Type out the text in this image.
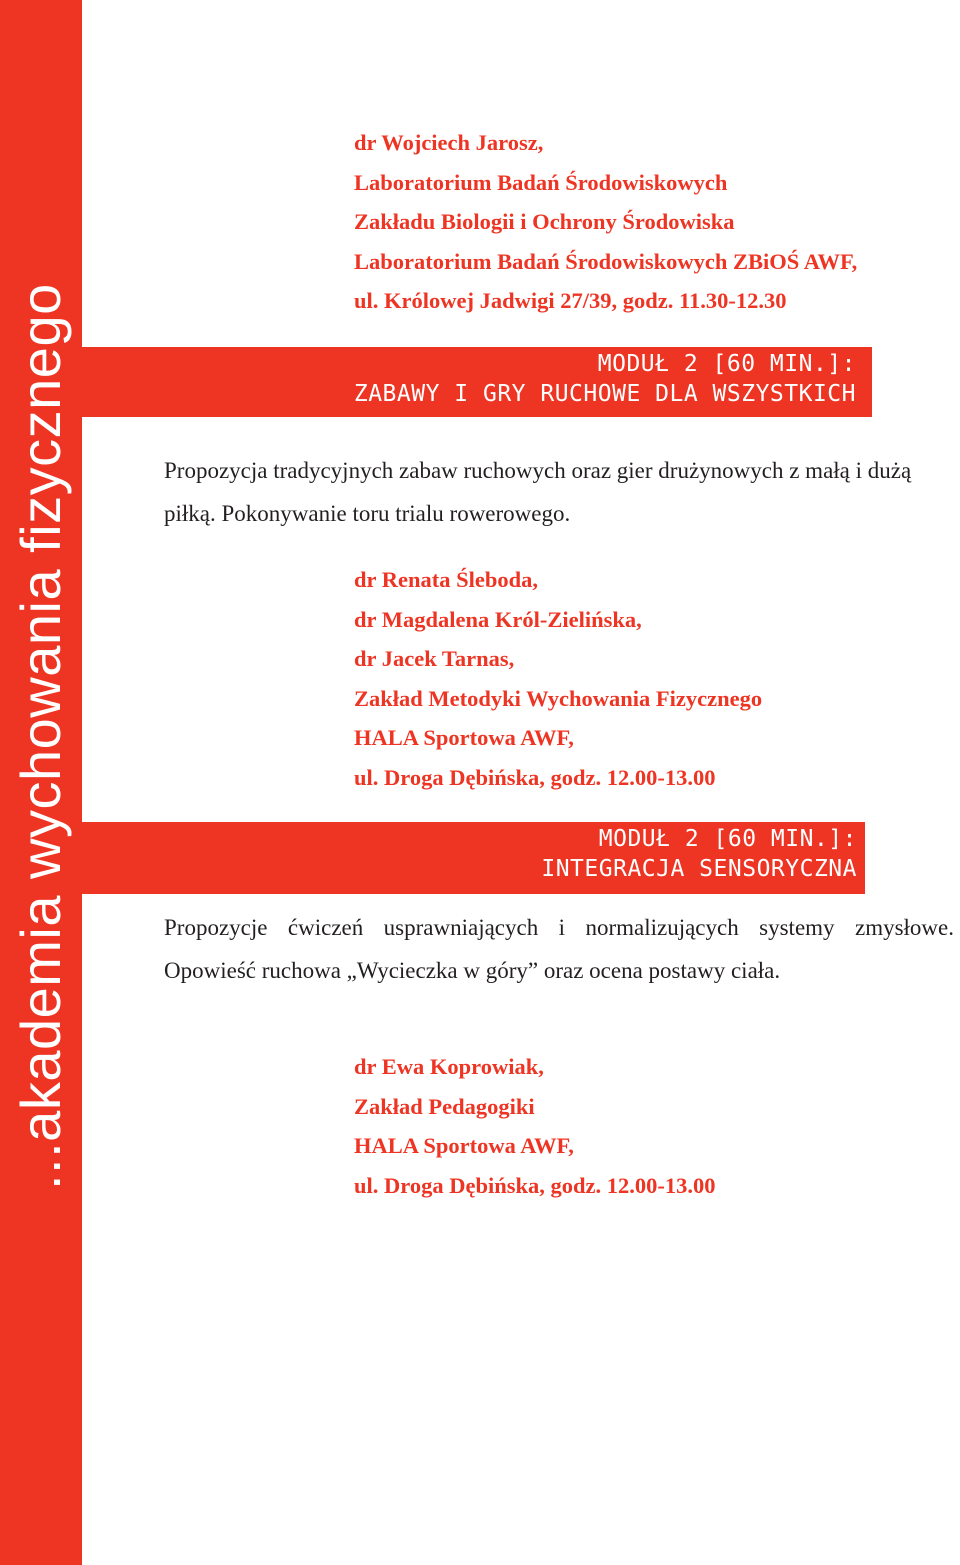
...akademia wychowania fizycznego
dr Wojciech Jarosz,
Laboratorium Badań Środowiskowych
Zakładu Biologii i Ochrony Środowiska
Laboratorium Badań Środowiskowych ZBiOŚ AWF,
ul. Królowej Jadwigi 27/39, godz. 11.30-12.30
MODUŁ 2 [60 MIN.]:
ZABAWY I GRY RUCHOWE DLA WSZYSTKICH
Propozycja tradycyjnych zabaw ruchowych oraz gier drużynowych z małą i dużą piłką. Pokonywanie toru trialu rowerowego.
dr Renata Śleboda,
dr Magdalena Król-Zielińska,
dr Jacek Tarnas,
Zakład Metodyki Wychowania Fizycznego
HALA Sportowa AWF,
ul. Droga Dębińska, godz. 12.00-13.00
MODUŁ 2 [60 MIN.]:
INTEGRACJA SENSORYCZNA
Propozycje ćwiczeń usprawniających i normalizujących systemy zmysłowe. Opowieść ruchowa „Wycieczka w góry” oraz ocena postawy ciała.
dr Ewa Koprowiak,
Zakład Pedagogiki
HALA Sportowa AWF,
ul. Droga Dębińska, godz. 12.00-13.00
